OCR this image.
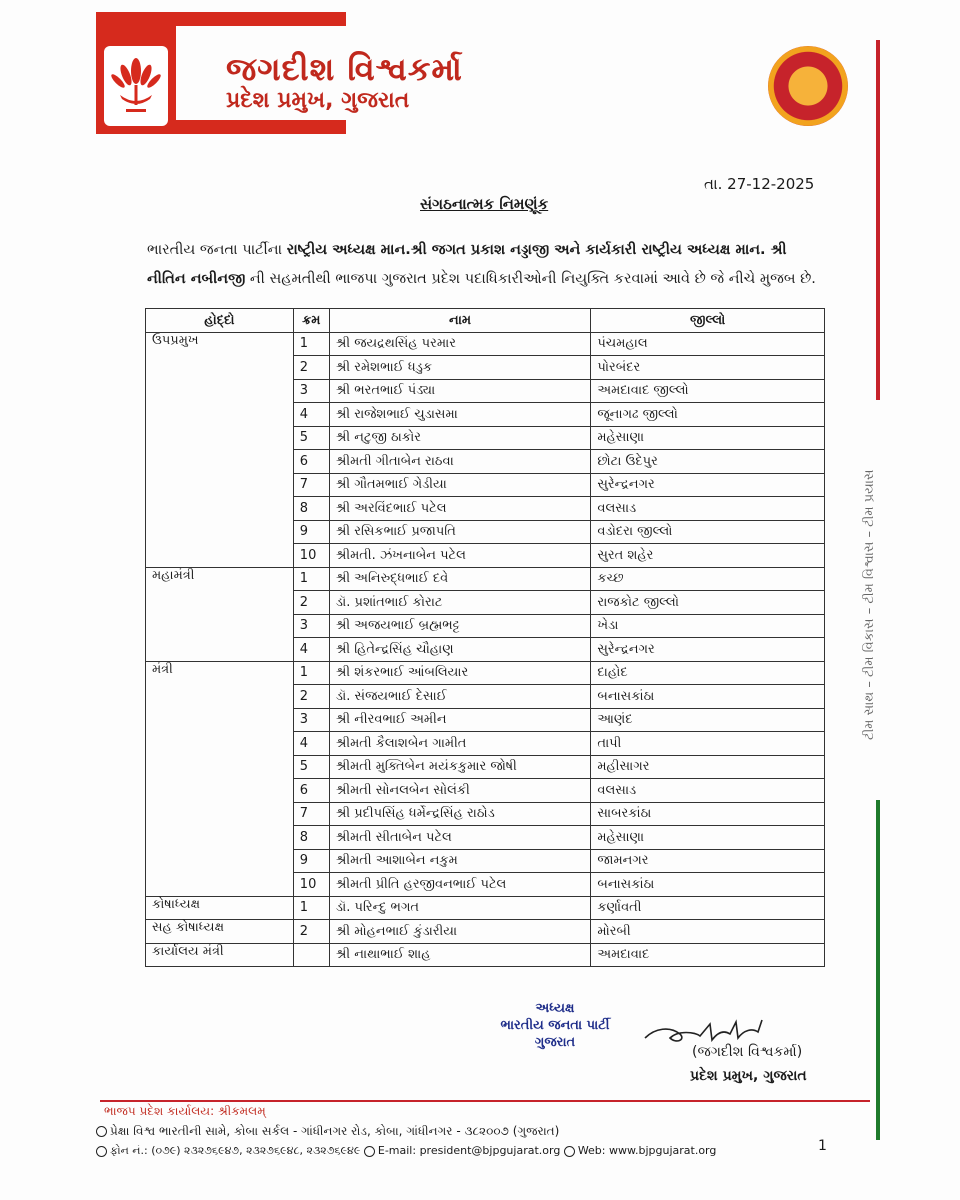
જગદીશ વિશ્વકર્મા
પ્રદેશ પ્રમુખ, ગુજરાત
ટીમ સાથ – ટીમ વિકાસ – ટીમ વિશ્વાસ – ટીમ પ્રયાસ
તા. 27-12-2025
સંગઠનાત્મક નિમણૂંક
ભારતીય જનતા પાર્ટીના રાષ્ટ્રીય અધ્યક્ષ માન.શ્રી જગત પ્રકાશ નડ્ડાજી અને કાર્યકારી રાષ્ટ્રીય અધ્યક્ષ માન. શ્રી નીતિન નબીનજી ની સહમતીથી ભાજપા ગુજરાત પ્રદેશ પદાધિકારીઓની નિયુક્તિ કરવામાં આવે છે જે નીચે મુજબ છે.
હોદ્દો	ક્રમ	નામ	જીલ્લો
ઉપપ્રમુખ	1	શ્રી જયદ્રથસિંહ પરમાર	પંચમહાલ
	2	શ્રી રમેશભાઈ ધડુક	પોરબંદર
	3	શ્રી ભરતભાઈ પંડ્યા	અમદાવાદ જીલ્લો
	4	શ્રી રાજેશભાઈ ચુડાસમા	જૂનાગઢ જીલ્લો
	5	શ્રી નટુજી ઠાકોર	મહેસાણા
	6	શ્રીમતી ગીતાબેન રાઠવા	છોટા ઉદેપુર
	7	શ્રી ગૌતમભાઈ ગેડીયા	સુરેન્દ્રનગર
	8	શ્રી અરવિંદભાઈ પટેલ	વલસાડ
	9	શ્રી રસિકભાઈ પ્રજાપતિ	વડોદરા જીલ્લો
	10	શ્રીમતી. ઝંખનાબેન પટેલ	સુરત શહેર
મહામંત્રી	1	શ્રી અનિરુદ્ધભાઈ દવે	કચ્છ
	2	ડૉ. પ્રશાંતભાઈ કોરાટ	રાજકોટ જીલ્લો
	3	શ્રી અજયભાઈ બ્રહ્મભટ્ટ	ખેડા
	4	શ્રી હિતેન્દ્રસિંહ ચૌહાણ	સુરેન્દ્રનગર
મંત્રી	1	શ્રી શંકરભાઈ આંબલિયાર	દાહોદ
	2	ડૉ. સંજયભાઈ દેસાઈ	બનાસકાંઠા
	3	શ્રી નીરવભાઈ અમીન	આણંદ
	4	શ્રીમતી કૈલાશબેન ગામીત	તાપી
	5	શ્રીમતી મુક્તિબેન મયંકકુમાર જોષી	મહીસાગર
	6	શ્રીમતી સોનલબેન સોલંકી	વલસાડ
	7	શ્રી પ્રદીપસિંહ ધર્મેન્દ્રસિંહ રાઠોડ	સાબરકાંઠા
	8	શ્રીમતી સીતાબેન પટેલ	મહેસાણા
	9	શ્રીમતી આશાબેન નકુમ	જામનગર
	10	શ્રીમતી પ્રીતિ હરજીવનભાઈ પટેલ	બનાસકાંઠા
કોષાધ્યક્ષ	1	ડૉ. પરિન્દુ ભગત	કર્ણાવતી
સહ કોષાધ્યક્ષ	2	શ્રી મોહનભાઈ કુંડારીયા	મોરબી
કાર્યાલય મંત્રી		શ્રી નાથાભાઈ શાહ	અમદાવાદ
અધ્યક્ષ
ભારતીય જનતા પાર્ટી
ગુજરાત
(જગદીશ વિશ્વકર્મા)
પ્રદેશ પ્રમુખ, ગુજરાત
ભાજપ પ્રદેશ કાર્યાલય: શ્રીકમલમ્
પ્રેક્ષા વિશ્વ ભારતીની સામે, કોબા સર્કલ - ગાંધીનગર રોડ, કોબા, ગાંધીનગર - ૩૮૨૦૦૭ (ગુજરાત)
ફોન નં.: (૦૭૯) ૨૩૨૭૬૯૪૭, ૨૩૨૭૬૯૪૮, ૨૩૨૭૬૯૪૯ E-mail: president@bjpgujarat.org Web: www.bjpgujarat.org	1
